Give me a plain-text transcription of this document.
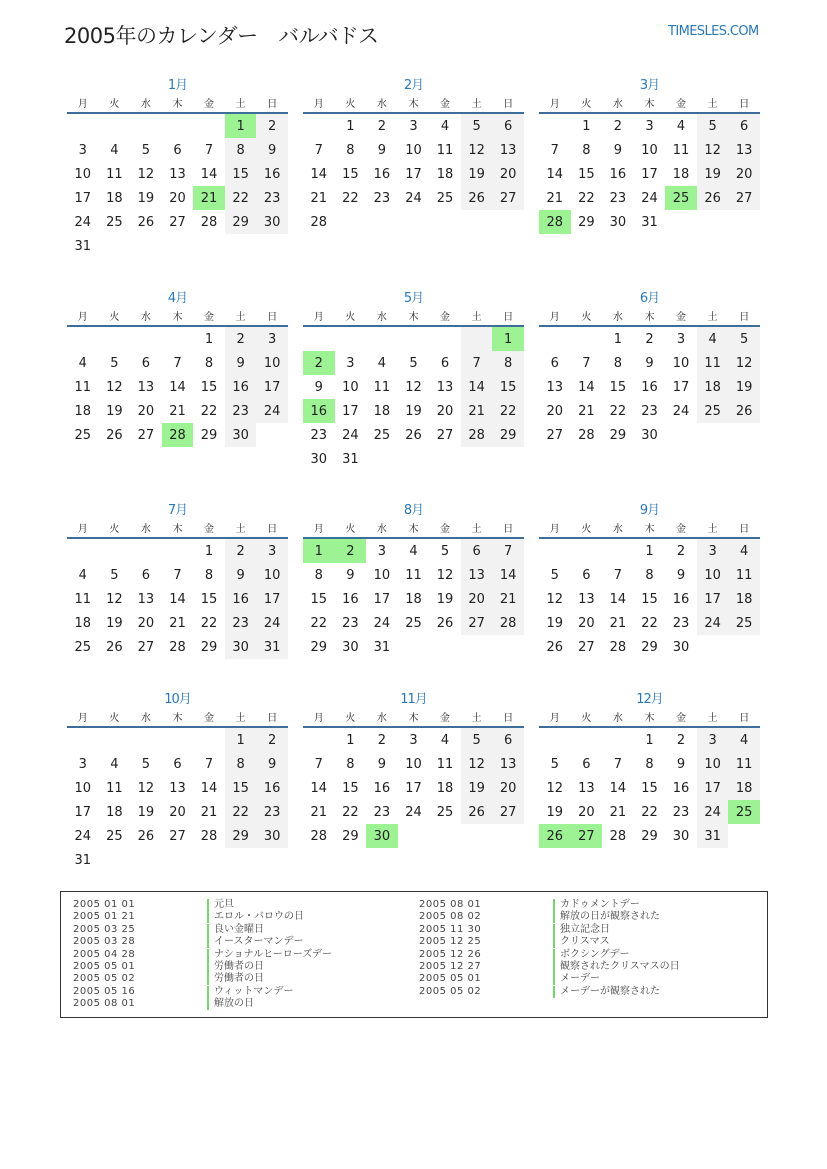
2005年のカレンダー　バルバドス	TIMESLES.COM
1月
月	火	水	木	金	土	日
					1	2
3	4	5	6	7	8	9
10	11	12	13	14	15	16
17	18	19	20	21	22	23
24	25	26	27	28	29	30
31						
2月
月	火	水	木	金	土	日
	1	2	3	4	5	6
7	8	9	10	11	12	13
14	15	16	17	18	19	20
21	22	23	24	25	26	27
28						
3月
月	火	水	木	金	土	日
	1	2	3	4	5	6
7	8	9	10	11	12	13
14	15	16	17	18	19	20
21	22	23	24	25	26	27
28	29	30	31			
4月
月	火	水	木	金	土	日
				1	2	3
4	5	6	7	8	9	10
11	12	13	14	15	16	17
18	19	20	21	22	23	24
25	26	27	28	29	30	
5月
月	火	水	木	金	土	日
						1
2	3	4	5	6	7	8
9	10	11	12	13	14	15
16	17	18	19	20	21	22
23	24	25	26	27	28	29
30	31					
6月
月	火	水	木	金	土	日
		1	2	3	4	5
6	7	8	9	10	11	12
13	14	15	16	17	18	19
20	21	22	23	24	25	26
27	28	29	30			
7月
月	火	水	木	金	土	日
				1	2	3
4	5	6	7	8	9	10
11	12	13	14	15	16	17
18	19	20	21	22	23	24
25	26	27	28	29	30	31
8月
月	火	水	木	金	土	日
1	2	3	4	5	6	7
8	9	10	11	12	13	14
15	16	17	18	19	20	21
22	23	24	25	26	27	28
29	30	31				
9月
月	火	水	木	金	土	日
			1	2	3	4
5	6	7	8	9	10	11
12	13	14	15	16	17	18
19	20	21	22	23	24	25
26	27	28	29	30		
10月
月	火	水	木	金	土	日
					1	2
3	4	5	6	7	8	9
10	11	12	13	14	15	16
17	18	19	20	21	22	23
24	25	26	27	28	29	30
31						
11月
月	火	水	木	金	土	日
	1	2	3	4	5	6
7	8	9	10	11	12	13
14	15	16	17	18	19	20
21	22	23	24	25	26	27
28	29	30				
12月
月	火	水	木	金	土	日
			1	2	3	4
5	6	7	8	9	10	11
12	13	14	15	16	17	18
19	20	21	22	23	24	25
26	27	28	29	30	31	
2005 01 01	元旦
2005 01 21	エロル・バロウの日
2005 03 25	良い金曜日
2005 03 28	イースターマンデー
2005 04 28	ナショナルヒーローズデー
2005 05 01	労働者の日
2005 05 02	労働者の日
2005 05 16	ウィットマンデー
2005 08 01	解放の日
2005 08 01	カドゥメントデー
2005 08 02	解放の日が観察された
2005 11 30	独立記念日
2005 12 25	クリスマス
2005 12 26	ボクシングデー
2005 12 27	観察されたクリスマスの日
2005 05 01	メーデー
2005 05 02	メーデーが観察された
